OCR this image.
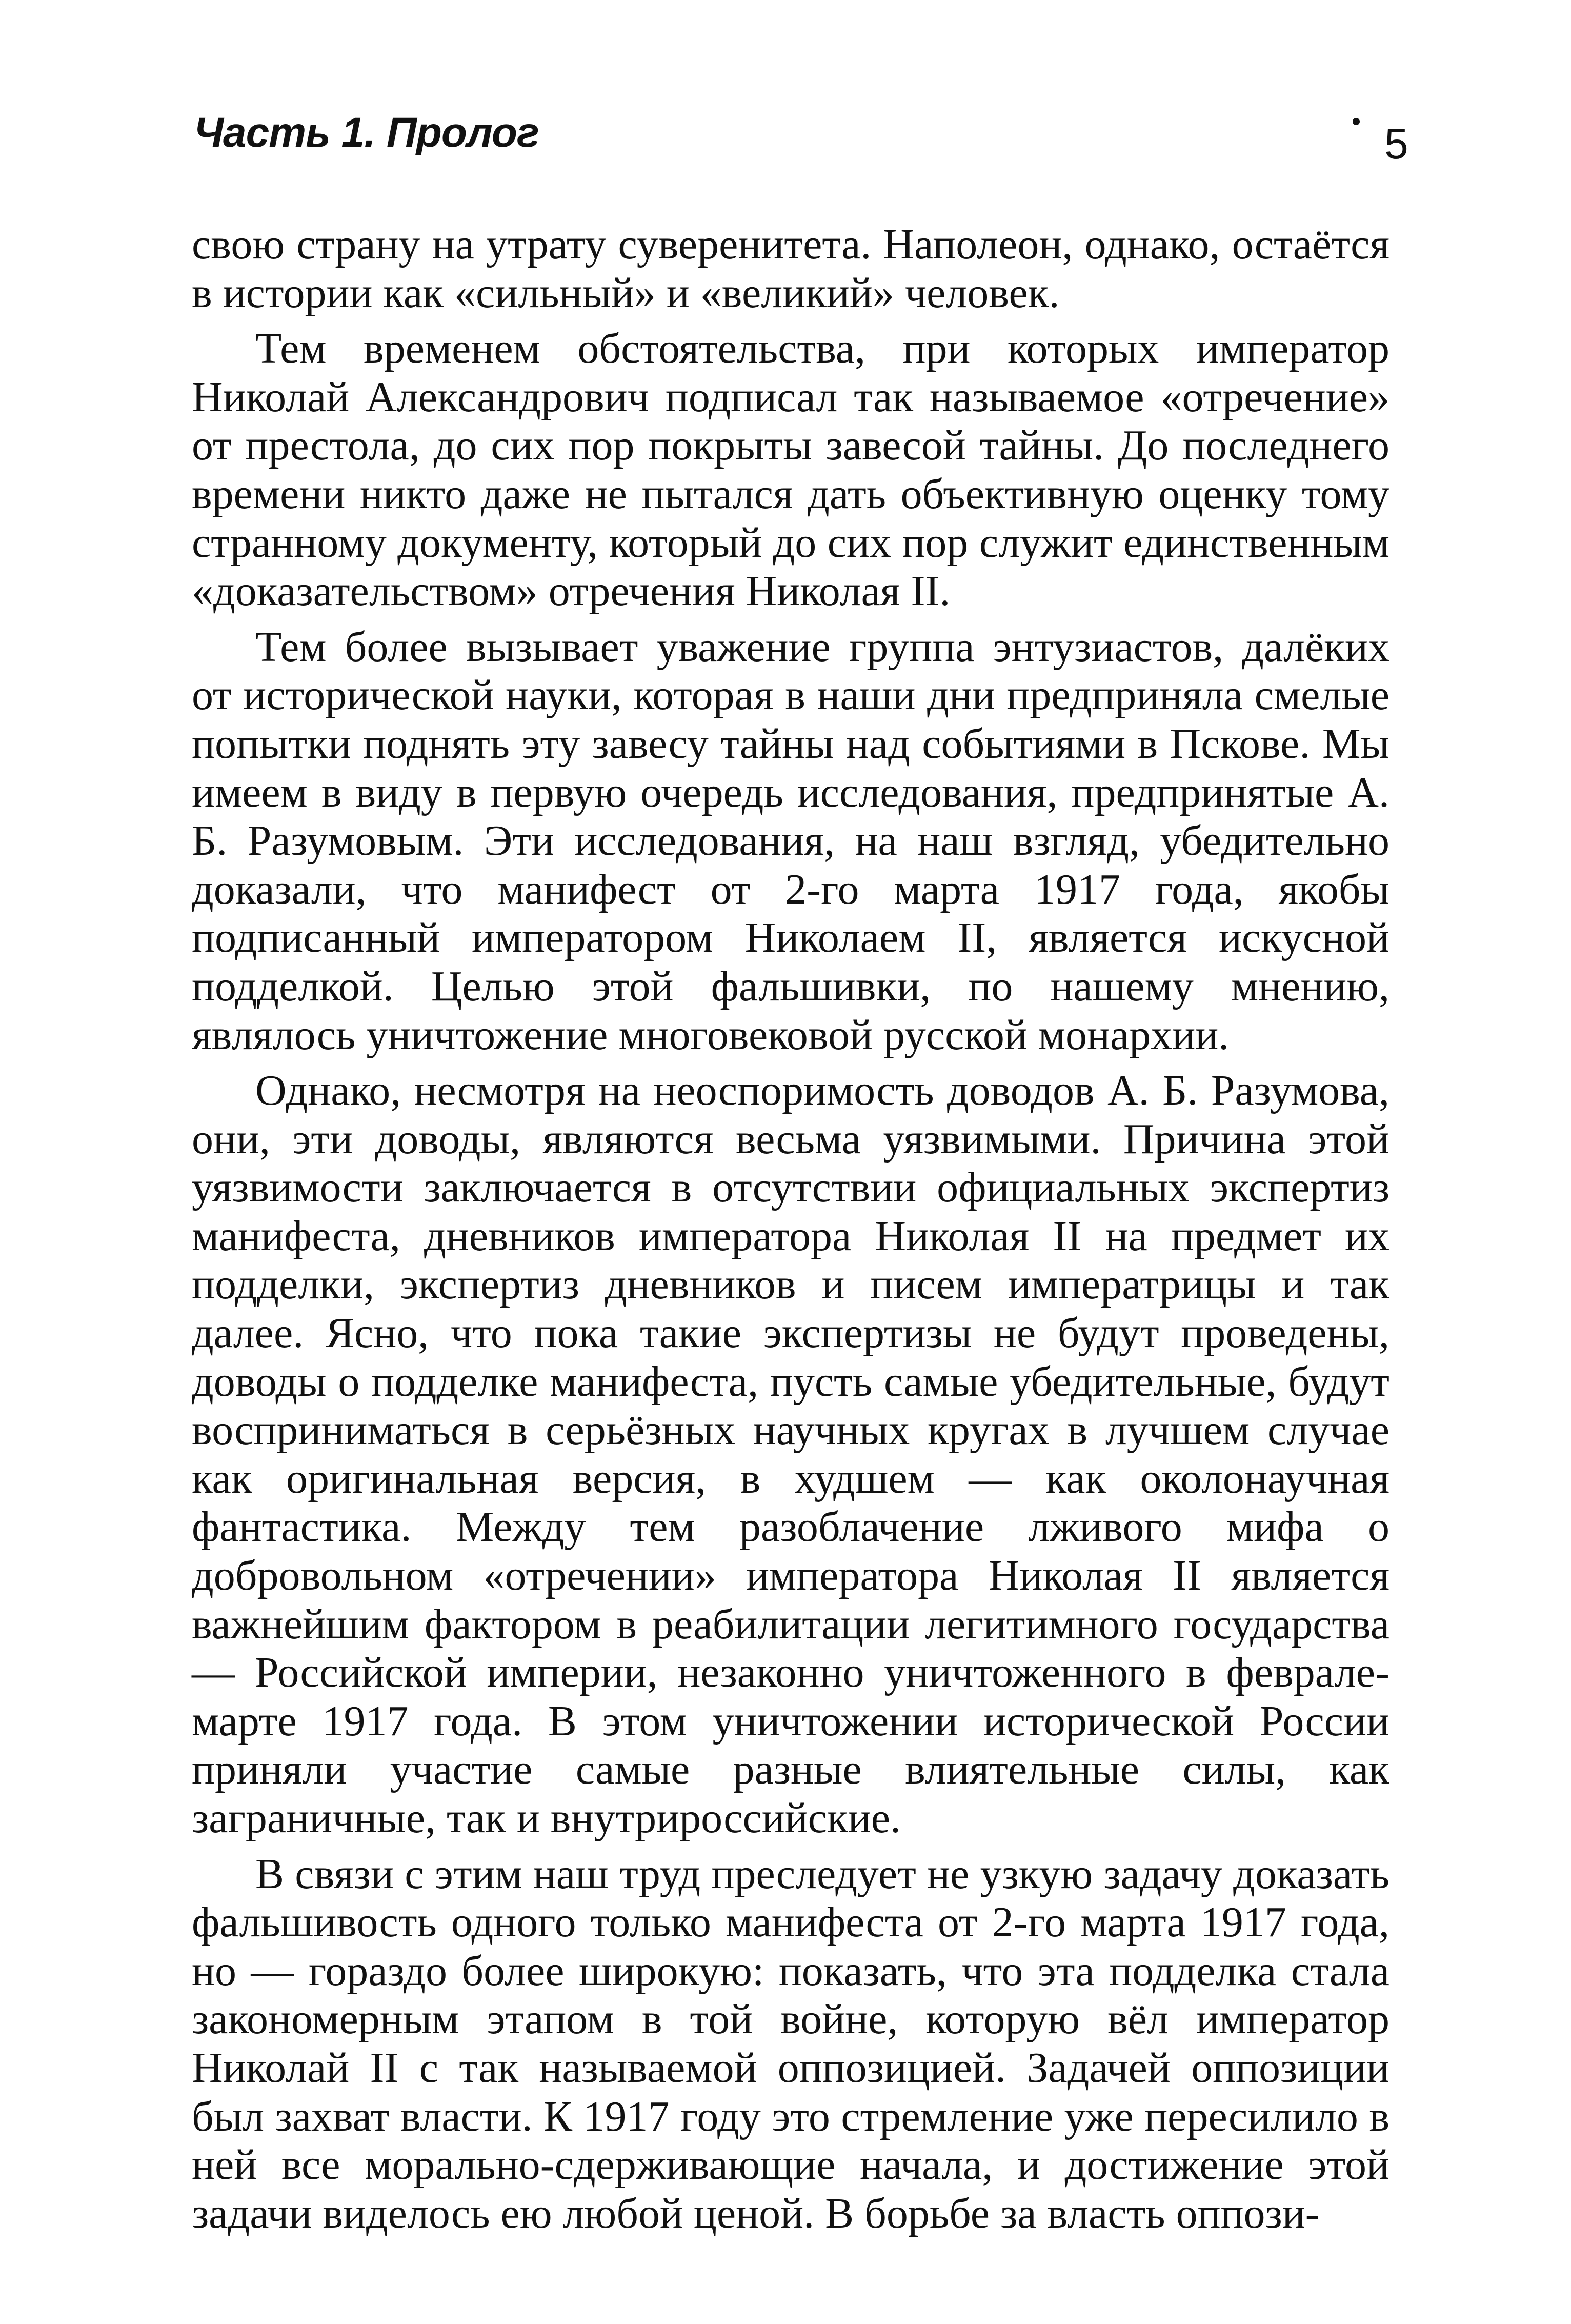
Часть 1. Пролог	5

свою страну на утрату суверенитета. Наполеон, однако, остаётся в истории как «сильный» и «великий» человек.

Тем временем обстоятельства, при которых император Николай Александрович подписал так называемое «отречение» от престола, до сих пор покрыты завесой тайны. До последнего времени никто даже не пытался дать объективную оценку тому странному документу, который до сих пор служит единственным «доказательством» отречения Николая II.

Тем более вызывает уважение группа энтузиастов, далёких от исторической науки, которая в наши дни предприняла смелые попытки поднять эту завесу тайны над событиями в Пскове. Мы имеем в виду в первую очередь исследования, предпринятые А. Б. Разумовым. Эти исследования, на наш взгляд, убедительно доказали, что манифест от 2-го марта 1917 года, якобы подписанный императором Николаем II, является искусной подделкой. Целью этой фальшивки, по нашему мнению, являлось уничтожение многовековой русской монархии.

Однако, несмотря на неоспоримость доводов А. Б. Разумова, они, эти доводы, являются весьма уязвимыми. Причина этой уязвимости заключается в отсутствии официальных экспертиз манифеста, дневников императора Николая II на предмет их подделки, экспертиз дневников и писем императрицы и так далее. Ясно, что пока такие экспертизы не будут проведены, доводы о подделке манифеста, пусть самые убедительные, будут восприниматься в серьёзных научных кругах в лучшем случае как оригинальная версия, в худшем — как околонаучная фантастика. Между тем разоблачение лживого мифа о добровольном «отречении» императора Николая II является важнейшим фактором в реабилитации легитимного государства — Российской империи, незаконно уничтоженного в феврале-марте 1917 года. В этом уничтожении исторической России приняли участие самые разные влиятельные силы, как заграничные, так и внутрироссийские.

В связи с этим наш труд преследует не узкую задачу доказать фальшивость одного только манифеста от 2-го марта 1917 года, но — гораздо более широкую: показать, что эта подделка стала закономерным этапом в той войне, которую вёл император Николай II с так называемой оппозицией. Задачей оппозиции был захват власти. К 1917 году это стремление уже пересилило в ней все морально-сдерживающие начала, и достижение этой задачи виделось ею любой ценой. В борьбе за власть оппози-
